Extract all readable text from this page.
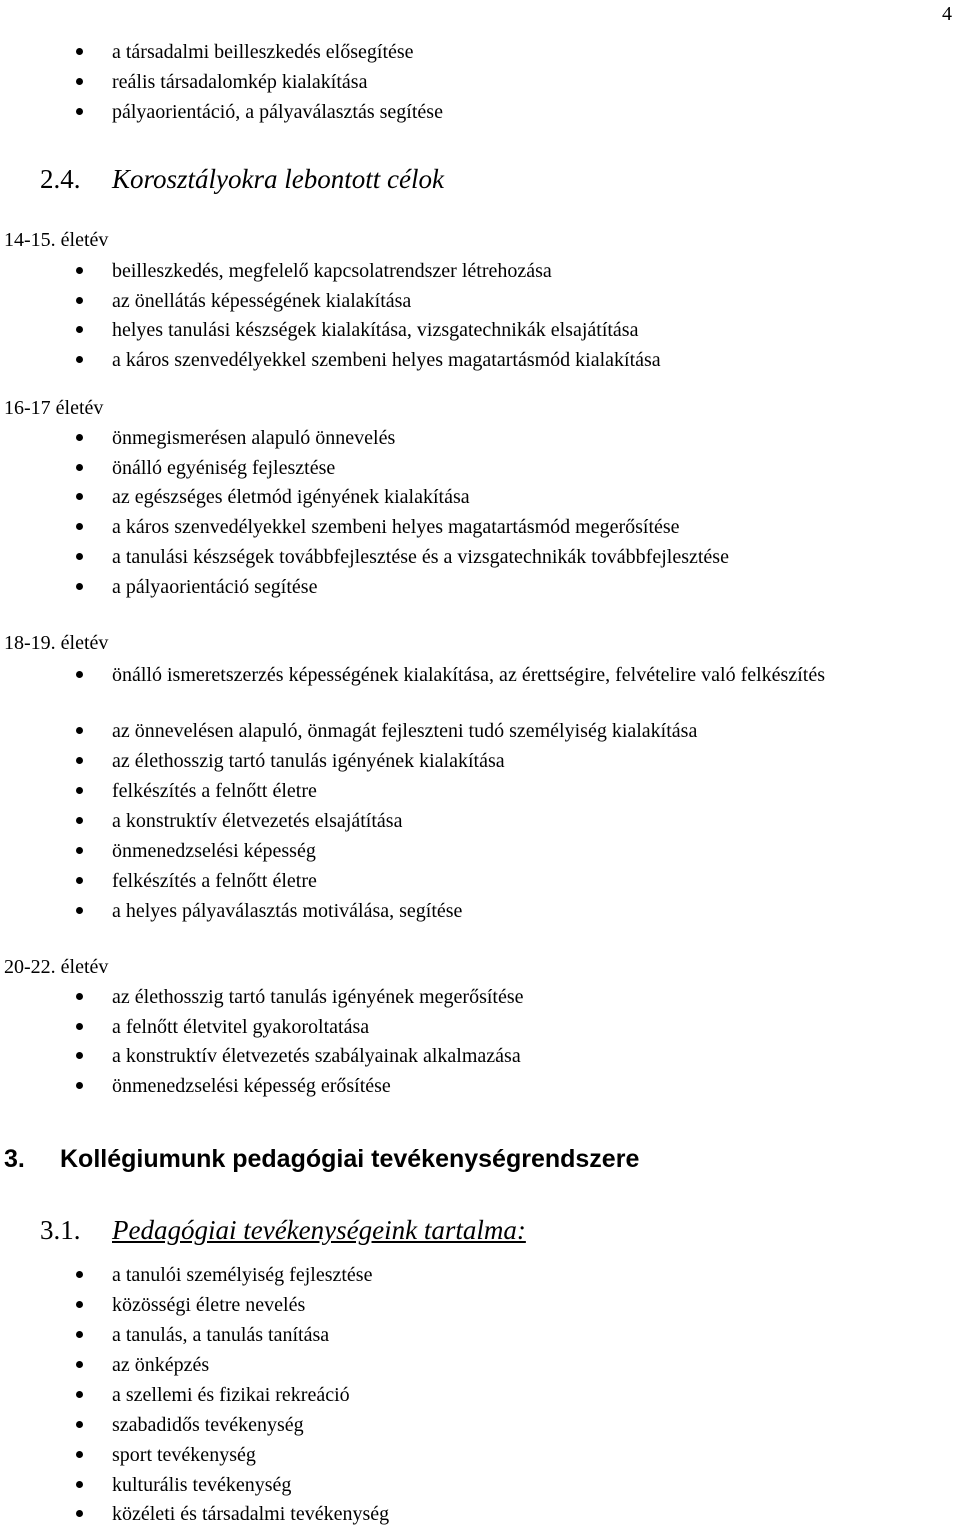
4
a társadalmi beilleszkedés elősegítése
reális társadalomkép kialakítása
pályaorientáció, a pályaválasztás segítése
2.4. Korosztályokra lebontott célok
14-15. életév
beilleszkedés, megfelelő kapcsolatrendszer létrehozása
az önellátás képességének kialakítása
helyes tanulási készségek kialakítása, vizsgatechnikák elsajátítása
a káros szenvedélyekkel szembeni helyes magatartásmód kialakítása
16-17 életév
önmegismerésen alapuló önnevelés
önálló egyéniség fejlesztése
az egészséges életmód igényének kialakítása
a káros szenvedélyekkel szembeni helyes magatartásmód megerősítése
a tanulási készségek továbbfejlesztése és a vizsgatechnikák továbbfejlesztése
a pályaorientáció segítése
18-19. életév
önálló ismeretszerzés képességének kialakítása, az érettségire, felvételire való felkészítés
az önnevelésen alapuló, önmagát fejleszteni tudó személyiség kialakítása
az élethosszig tartó tanulás igényének kialakítása
felkészítés a felnőtt életre
a konstruktív életvezetés elsajátítása
önmenedzselési képesség
felkészítés a felnőtt életre
a helyes pályaválasztás motiválása, segítése
20-22. életév
az élethosszig tartó tanulás igényének megerősítése
a felnőtt életvitel gyakoroltatása
a konstruktív életvezetés szabályainak alkalmazása
önmenedzselési képesség erősítése
3. Kollégiumunk pedagógiai tevékenységrendszere
3.1. Pedagógiai tevékenységeink tartalma:
a tanulói személyiség fejlesztése
közösségi életre nevelés
a tanulás, a tanulás tanítása
az önképzés
a szellemi és fizikai rekreáció
szabadidős tevékenység
sport tevékenység
kulturális tevékenység
közéleti és társadalmi tevékenység
